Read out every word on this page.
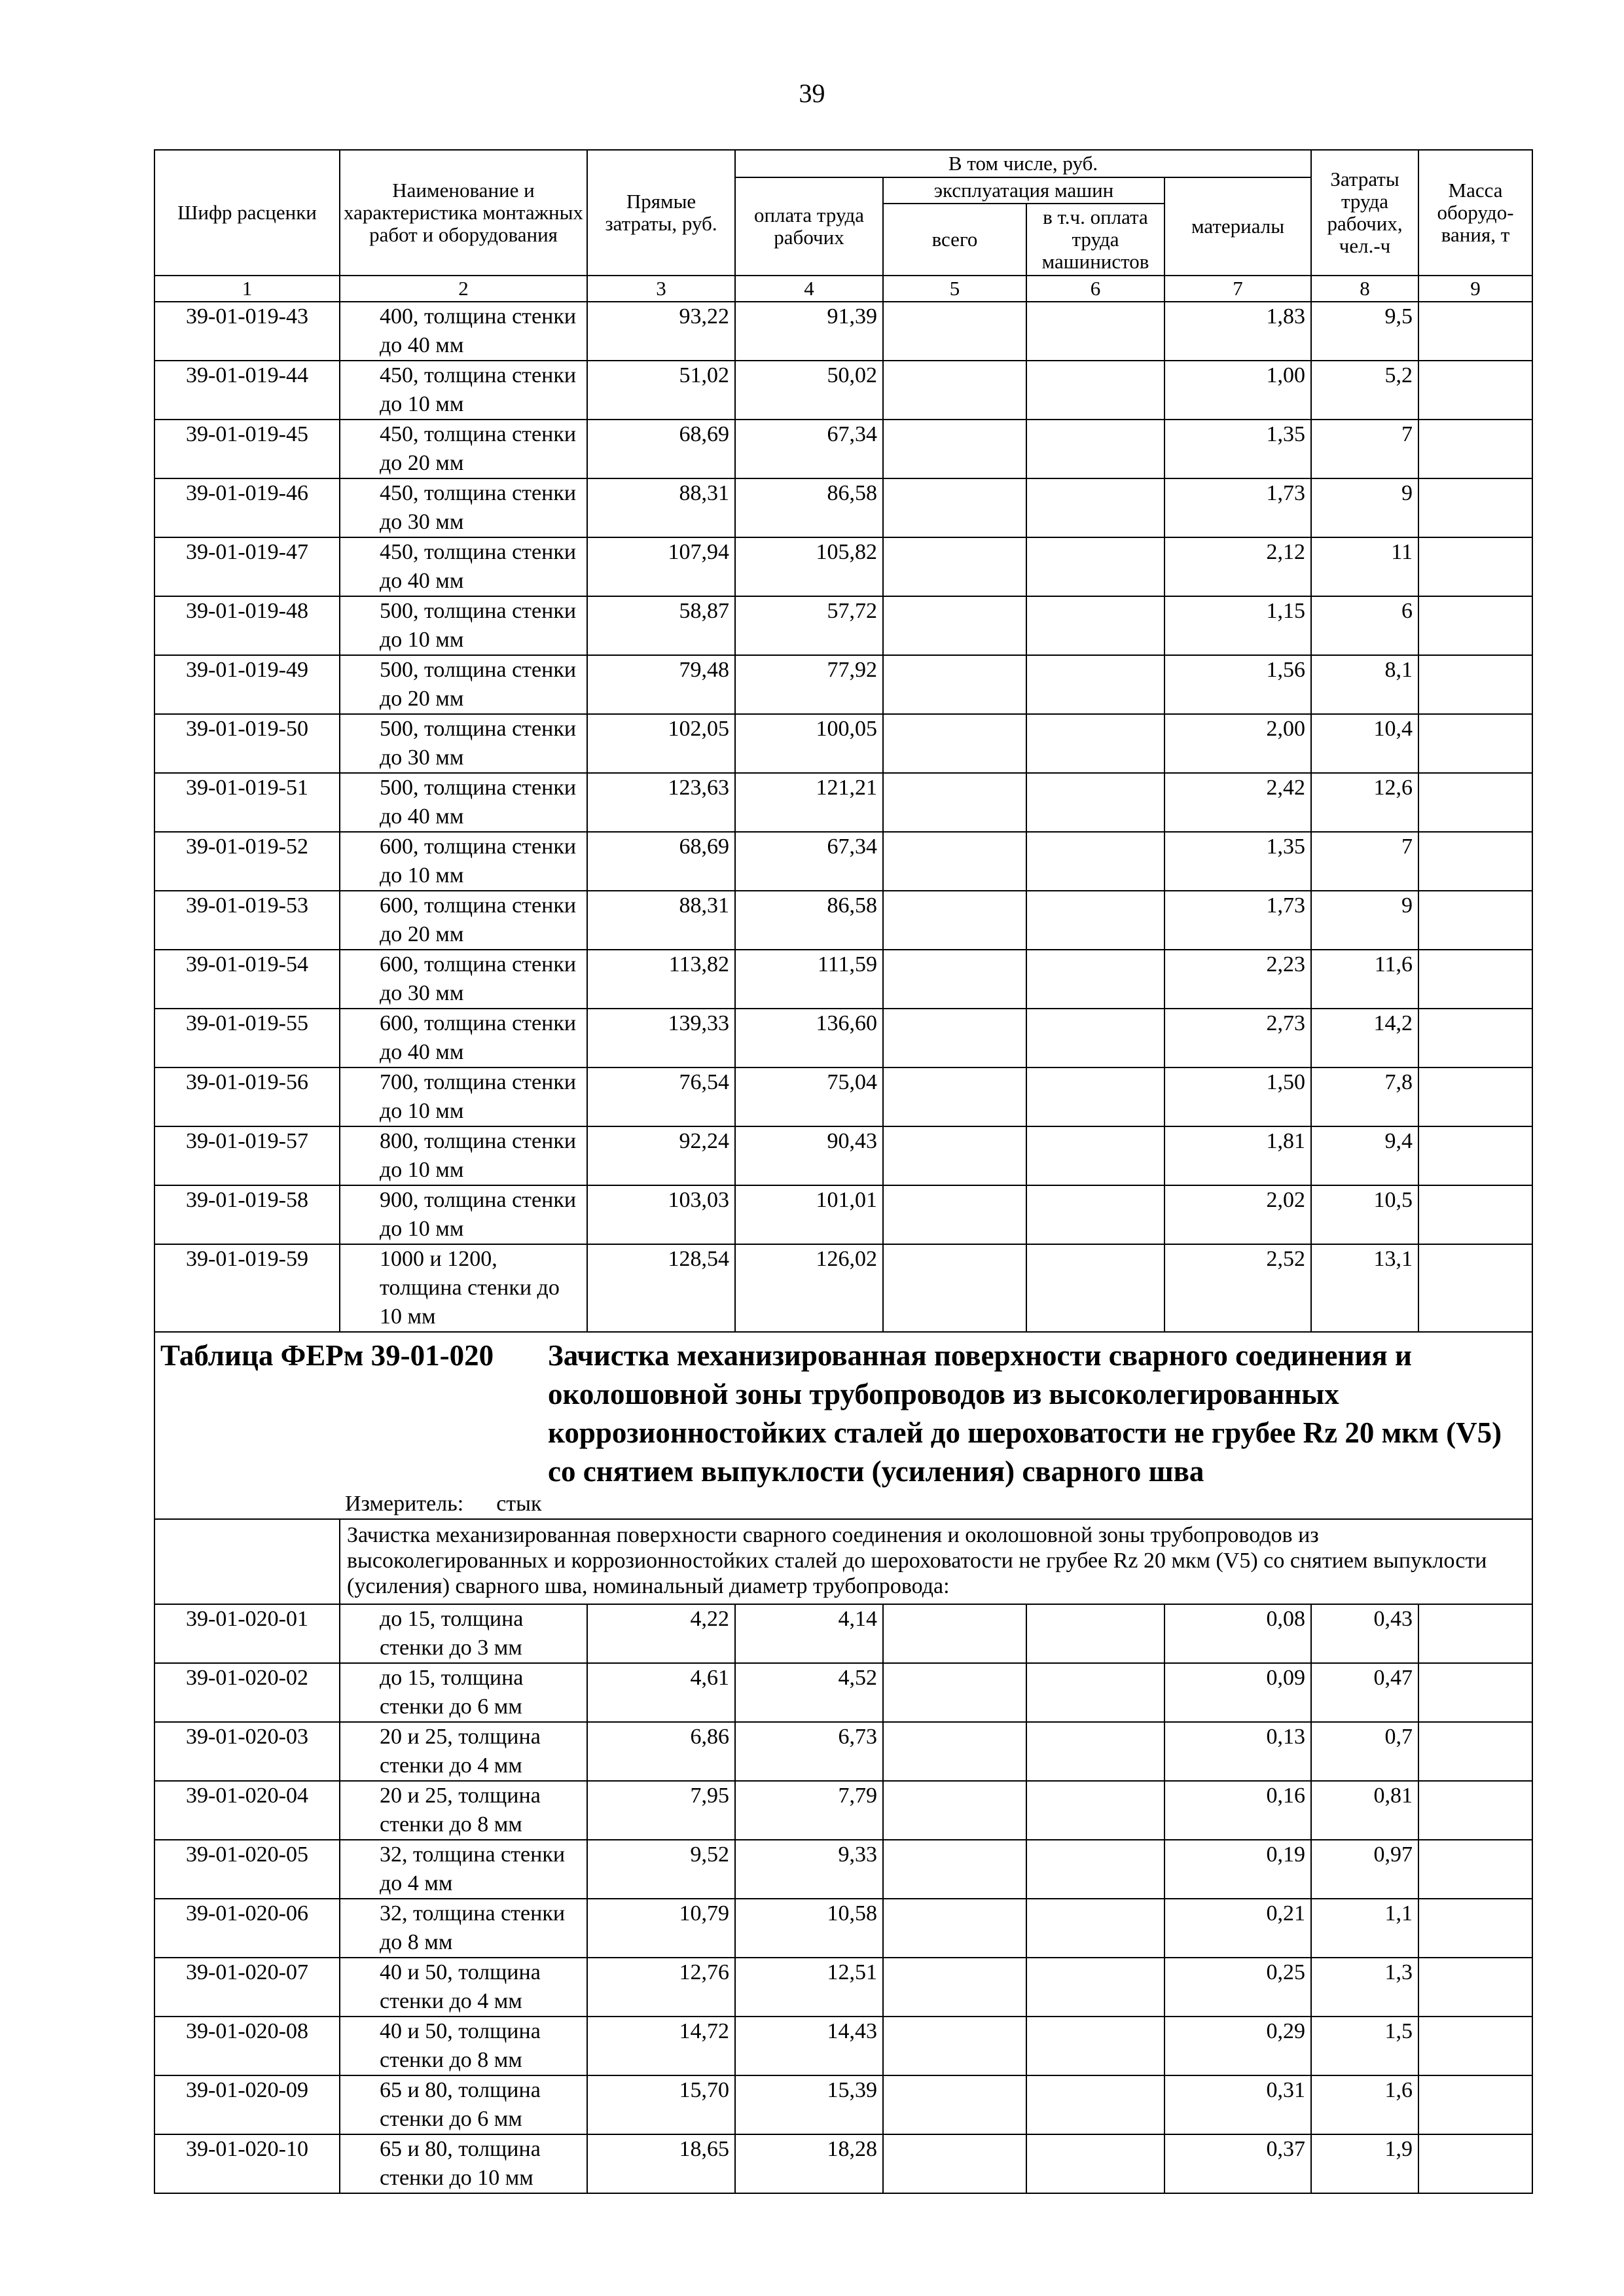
39
Шифр расценки	Наименование и характеристика монтажных работ и оборудования	Прямые затраты, руб.	В том числе, руб.				Затраты труда рабочих, чел.-ч	Масса оборудо-вания, т
			оплата труда рабочих	эксплуатация машин		материалы		
				всего	в т.ч. оплата труда машинистов			
1	2	3	4	5	6	7	8	9
39-01-019-43	400, толщина стенки до 40 мм	93,22	91,39			1,83	9,5	
39-01-019-44	450, толщина стенки до 10 мм	51,02	50,02			1,00	5,2	
39-01-019-45	450, толщина стенки до 20 мм	68,69	67,34			1,35	7	
39-01-019-46	450, толщина стенки до 30 мм	88,31	86,58			1,73	9	
39-01-019-47	450, толщина стенки до 40 мм	107,94	105,82			2,12	11	
39-01-019-48	500, толщина стенки до 10 мм	58,87	57,72			1,15	6	
39-01-019-49	500, толщина стенки до 20 мм	79,48	77,92			1,56	8,1	
39-01-019-50	500, толщина стенки до 30 мм	102,05	100,05			2,00	10,4	
39-01-019-51	500, толщина стенки до 40 мм	123,63	121,21			2,42	12,6	
39-01-019-52	600, толщина стенки до 10 мм	68,69	67,34			1,35	7	
39-01-019-53	600, толщина стенки до 20 мм	88,31	86,58			1,73	9	
39-01-019-54	600, толщина стенки до 30 мм	113,82	111,59			2,23	11,6	
39-01-019-55	600, толщина стенки до 40 мм	139,33	136,60			2,73	14,2	
39-01-019-56	700, толщина стенки до 10 мм	76,54	75,04			1,50	7,8	
39-01-019-57	800, толщина стенки до 10 мм	92,24	90,43			1,81	9,4	
39-01-019-58	900, толщина стенки до 10 мм	103,03	101,01			2,02	10,5	
39-01-019-59	1000 и 1200, толщина стенки до 10 мм	128,54	126,02			2,52	13,1	

Таблица ФЕРм 39-01-020 Зачистка механизированная поверхности сварного соединения и околошовной зоны трубопроводов из высоколегированных коррозионностойких сталей до шероховатости не грубее Rz 20 мкм (V5) со снятием выпуклости (усиления) сварного шва
Измеритель: стык								

Зачистка механизированная поверхности сварного соединения и околошовной зоны трубопроводов из высоколегированных и коррозионностойких сталей до шероховатости не грубее Rz 20 мкм (V5) со снятием выпуклости (усиления) сварного шва, номинальный диаметр трубопровода:								

39-01-020-01	до 15, толщина стенки до 3 мм	4,22	4,14			0,08	0,43	
39-01-020-02	до 15, толщина стенки до 6 мм	4,61	4,52			0,09	0,47	
39-01-020-03	20 и 25, толщина стенки до 4 мм	6,86	6,73			0,13	0,7	
39-01-020-04	20 и 25, толщина стенки до 8 мм	7,95	7,79			0,16	0,81	
39-01-020-05	32, толщина стенки до 4 мм	9,52	9,33			0,19	0,97	
39-01-020-06	32, толщина стенки до 8 мм	10,79	10,58			0,21	1,1	
39-01-020-07	40 и 50, толщина стенки до 4 мм	12,76	12,51			0,25	1,3	
39-01-020-08	40 и 50, толщина стенки до 8 мм	14,72	14,43			0,29	1,5	
39-01-020-09	65 и 80, толщина стенки до 6 мм	15,70	15,39			0,31	1,6	
39-01-020-10	65 и 80, толщина стенки до 10 мм	18,65	18,28			0,37	1,9	
